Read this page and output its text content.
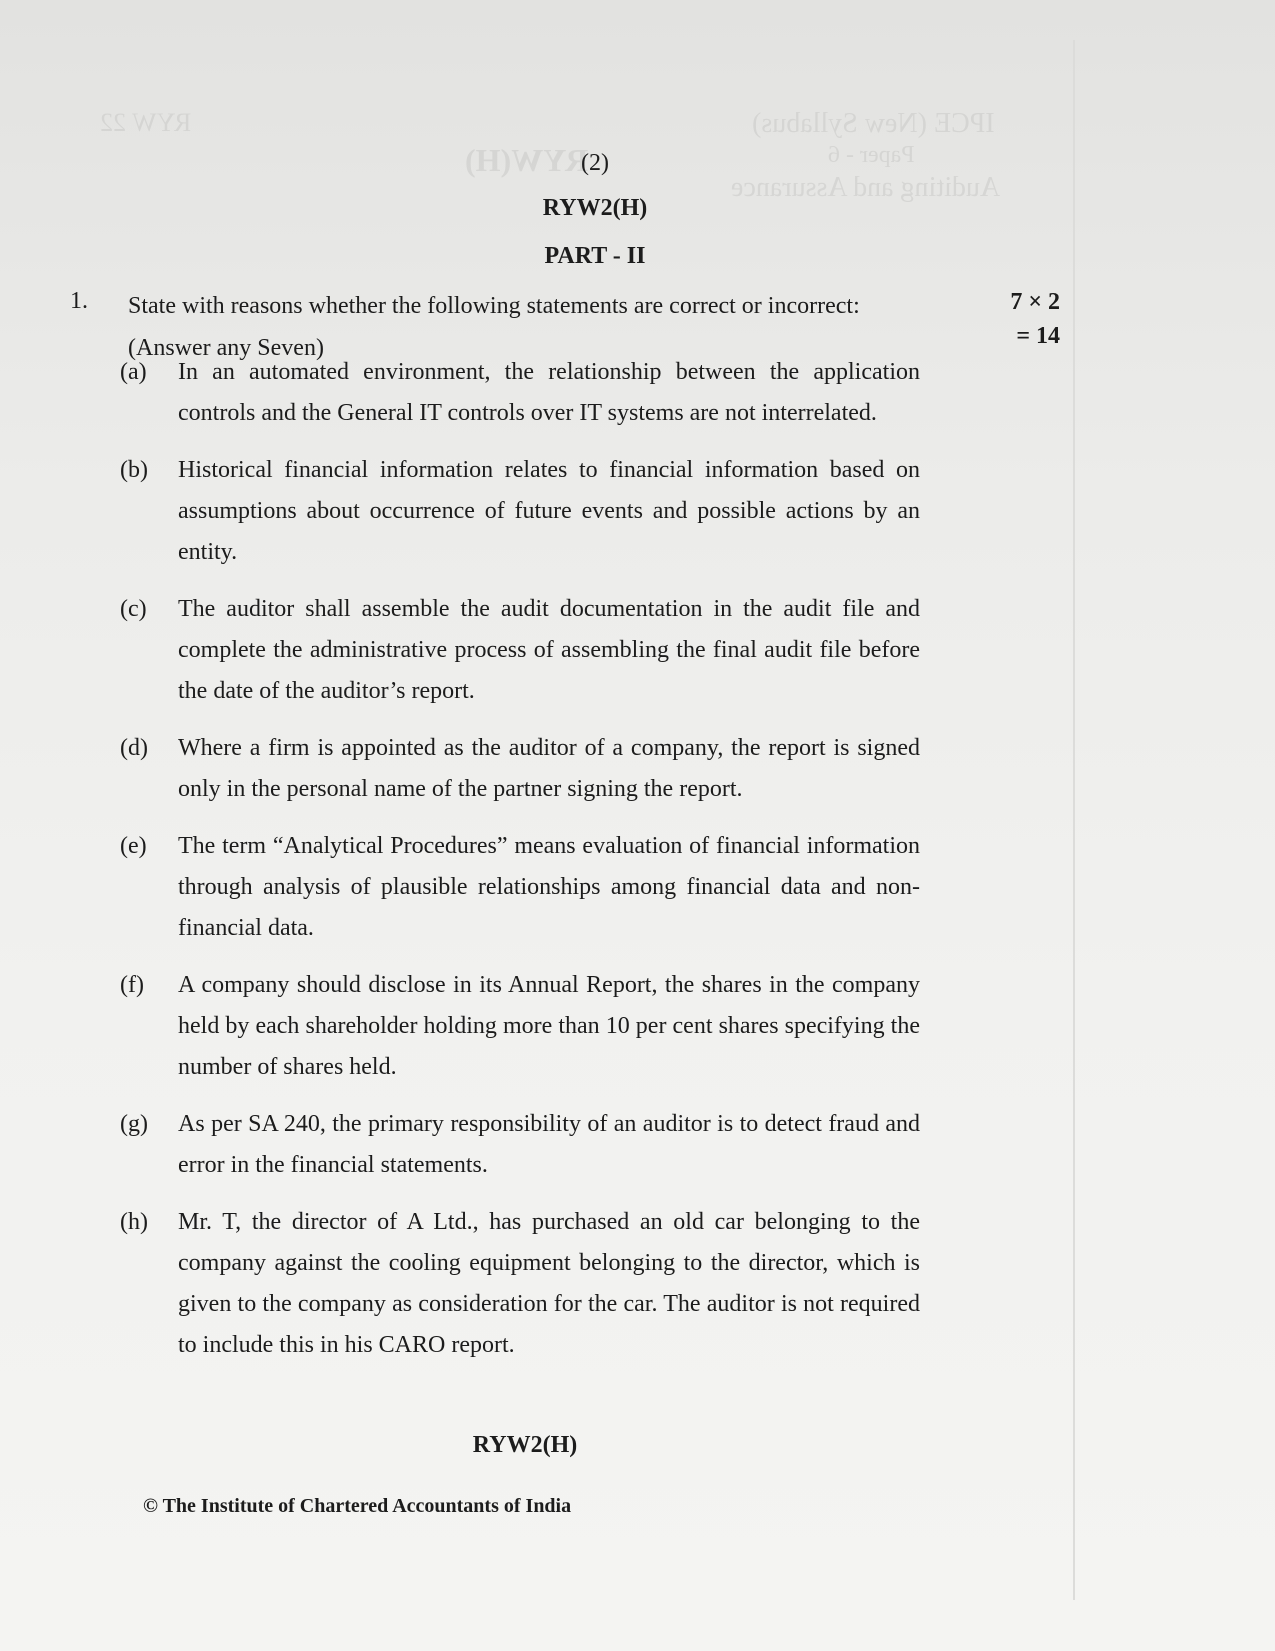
IPCE (New Syllabus)
Paper - 6
Auditing and Assurance
RYW(H)
RYW 22
(2)
RYW2(H)
PART - II
1. State with reasons whether the following statements are correct or incorrect:
(Answer any Seven)
7 × 2
= 14
(a)	In an automated environment, the relationship between the application controls and the General IT controls over IT systems are not interrelated.
(b)	Historical financial information relates to financial information based on assumptions about occurrence of future events and possible actions by an entity.
(c)	The auditor shall assemble the audit documentation in the audit file and complete the administrative process of assembling the final audit file before the date of the auditor’s report.
(d)	Where a firm is appointed as the auditor of a company, the report is signed only in the personal name of the partner signing the report.
(e)	The term “Analytical Procedures” means evaluation of financial information through analysis of plausible relationships among financial data and non-financial data.
(f)	A company should disclose in its Annual Report, the shares in the company held by each shareholder holding more than 10 per cent shares specifying the number of shares held.
(g)	As per SA 240, the primary responsibility of an auditor is to detect fraud and error in the financial statements.
(h)	Mr. T, the director of A Ltd., has purchased an old car belonging to the company against the cooling equipment belonging to the director, which is given to the company as consideration for the car. The auditor is not required to include this in his CARO report.
RYW2(H)
© The Institute of Chartered Accountants of India
